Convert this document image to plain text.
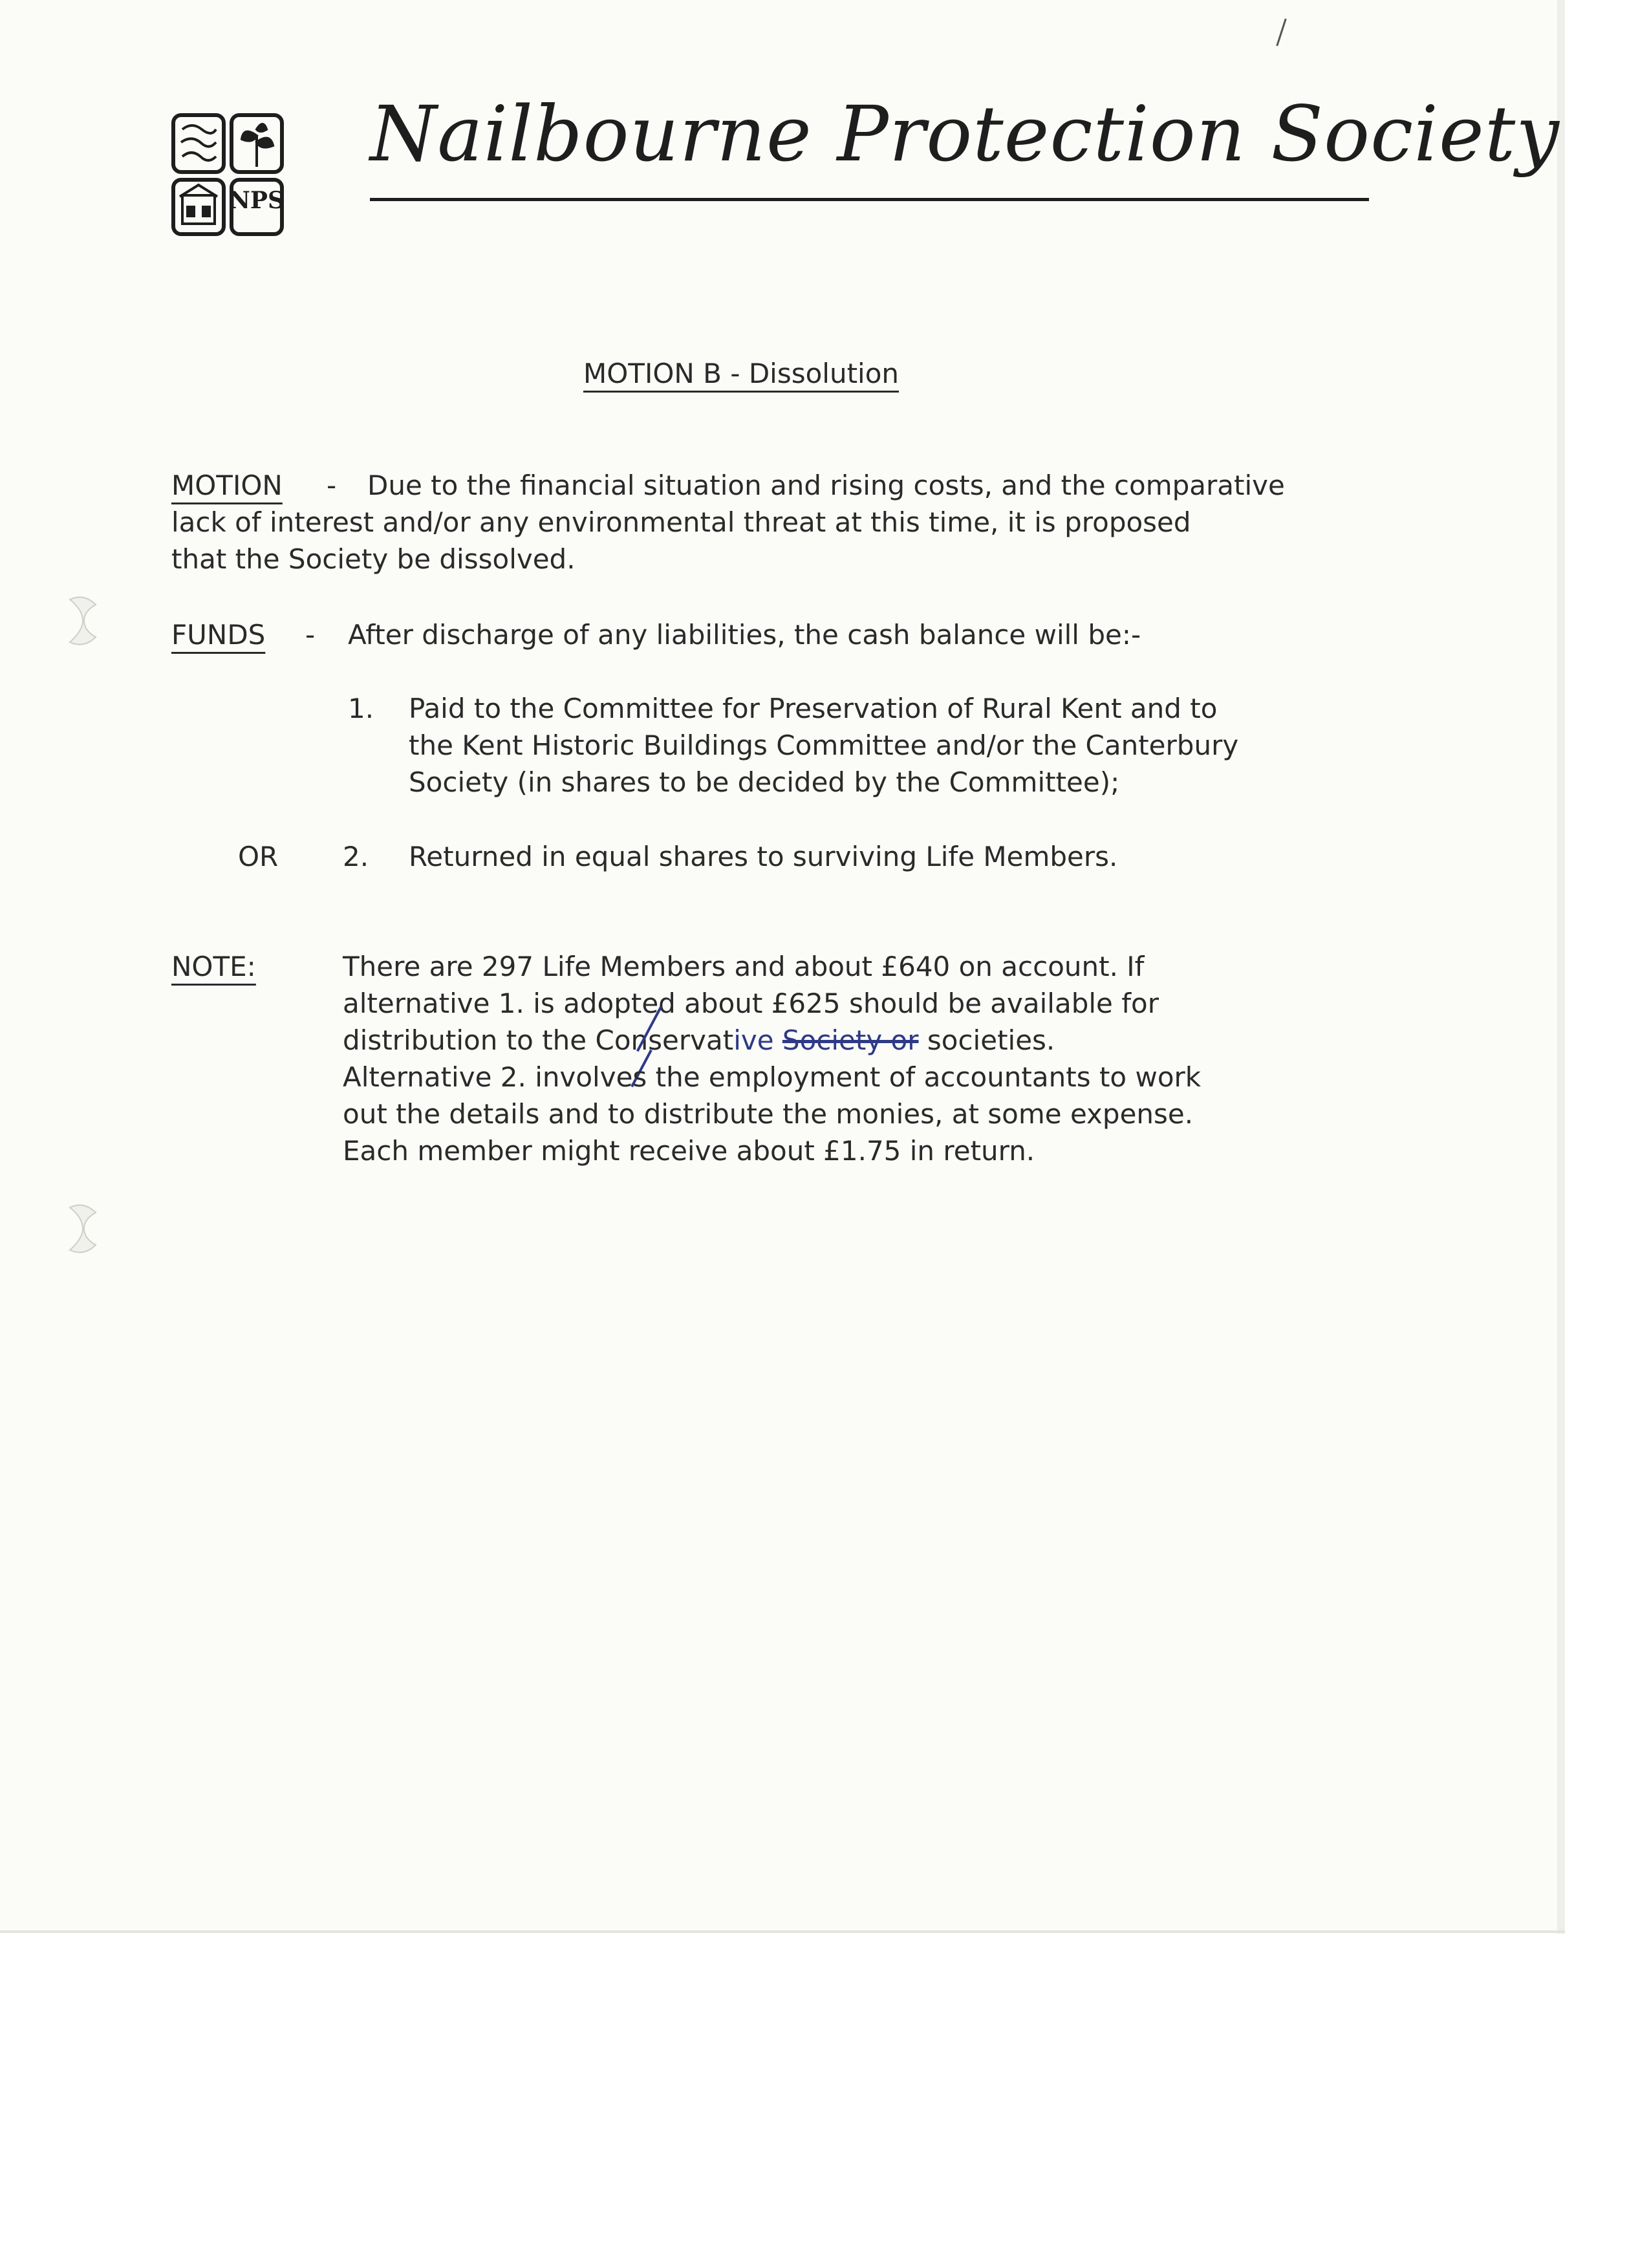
NPS
Nailbourne Protection Society
MOTION B - Dissolution
MOTION - Due to the financial situation and rising costs, and the comparative
lack of interest and/or any environmental threat at this time, it is proposed
that the Society be dissolved.
FUNDS - After discharge of any liabilities, the cash balance will be:-
1. Paid to the Committee for Preservation of Rural Kent and to
the Kent Historic Buildings Committee and/or the Canterbury
Society (in shares to be decided by the Committee);
OR 2. Returned in equal shares to surviving Life Members.
NOTE:	There are 297 Life Members and about £640 on account. If
alternative 1. is adopted about £625 should be available for
distribution to the Conservative Society or societies.
Alternative 2. involves the employment of accountants to work
out the details and to distribute the monies, at some expense.
Each member might receive about £1.75 in return.
